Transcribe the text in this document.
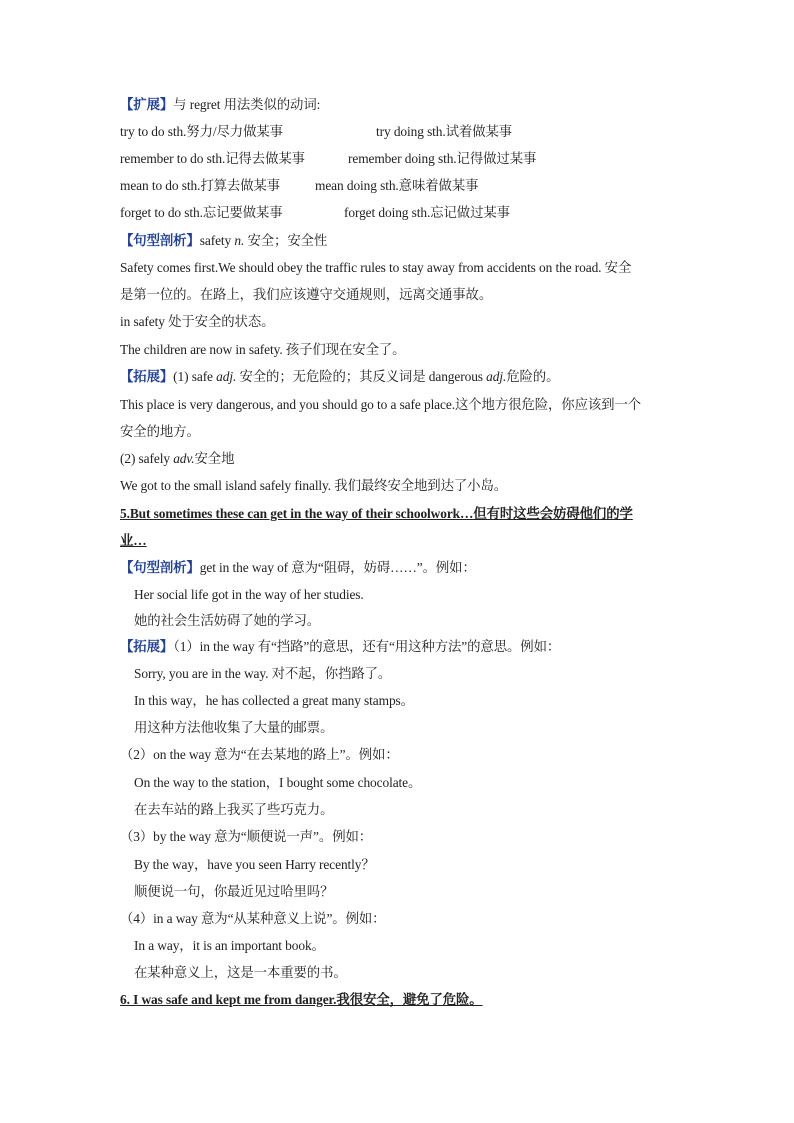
【扩展】与 regret 用法类似的动词:
try to do sth.努力/尽力做某事	try doing sth.试着做某事
remember to do sth.记得去做某事	remember doing sth.记得做过某事
mean to do sth.打算去做某事	mean doing sth.意味着做某事
forget to do sth.忘记要做某事	forget doing sth.忘记做过某事
【句型剖析】safety n. 安全；安全性
Safety comes first.We should obey the traffic rules to stay away from accidents on the road. 安全
是第一位的。在路上，我们应该遵守交通规则，远离交通事故。
in safety 处于安全的状态。
The children are now in safety. 孩子们现在安全了。
【拓展】(1) safe adj. 安全的；无危险的；其反义词是 dangerous adj.危险的。
This place is very dangerous, and you should go to a safe place.这个地方很危险，你应该到一个
安全的地方。
(2) safely adv.安全地
We got to the small island safely finally. 我们最终安全地到达了小岛。
5.But sometimes these can get in the way of their schoolwork…但有时这些会妨碍他们的学
业…
【句型剖析】get in the way of 意为“阻碍，妨碍……”。例如：
Her social life got in the way of her studies.
她的社会生活妨碍了她的学习。
【拓展】（1）in the way 有“挡路”的意思，还有“用这种方法”的意思。例如：
Sorry, you are in the way. 对不起，你挡路了。
In this way，he has collected a great many stamps。
用这种方法他收集了大量的邮票。
（2）on the way 意为“在去某地的路上”。例如：
On the way to the station，I bought some chocolate。
在去车站的路上我买了些巧克力。
（3）by the way 意为“顺便说一声”。例如：
By the way，have you seen Harry recently？
顺便说一句，你最近见过哈里吗？
（4）in a way 意为“从某种意义上说”。例如：
In a way，it is an important book。
在某种意义上，这是一本重要的书。
6. I was safe and kept me from danger.我很安全，避免了危险。
